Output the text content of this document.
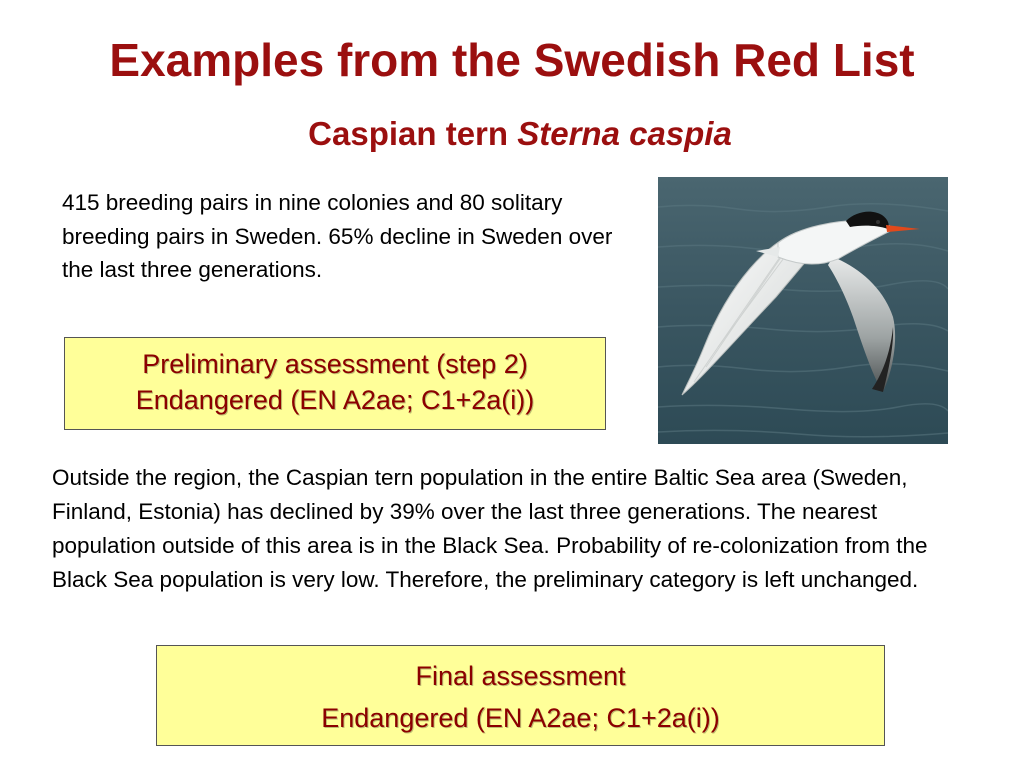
Examples from the Swedish Red List
Caspian tern Sterna caspia
415 breeding pairs in nine colonies and 80 solitary breeding pairs in Sweden. 65% decline in Sweden over the last three generations.
Preliminary assessment (step 2)
Endangered (EN A2ae; C1+2a(i))
Outside the region, the Caspian tern population in the entire Baltic Sea area (Sweden, Finland, Estonia) has declined by 39% over the last three generations. The nearest population outside of this area is in the Black Sea. Probability of re-colonization from the Black Sea population is very low. Therefore, the preliminary category is left unchanged.
Final assessment
Endangered (EN A2ae; C1+2a(i))
